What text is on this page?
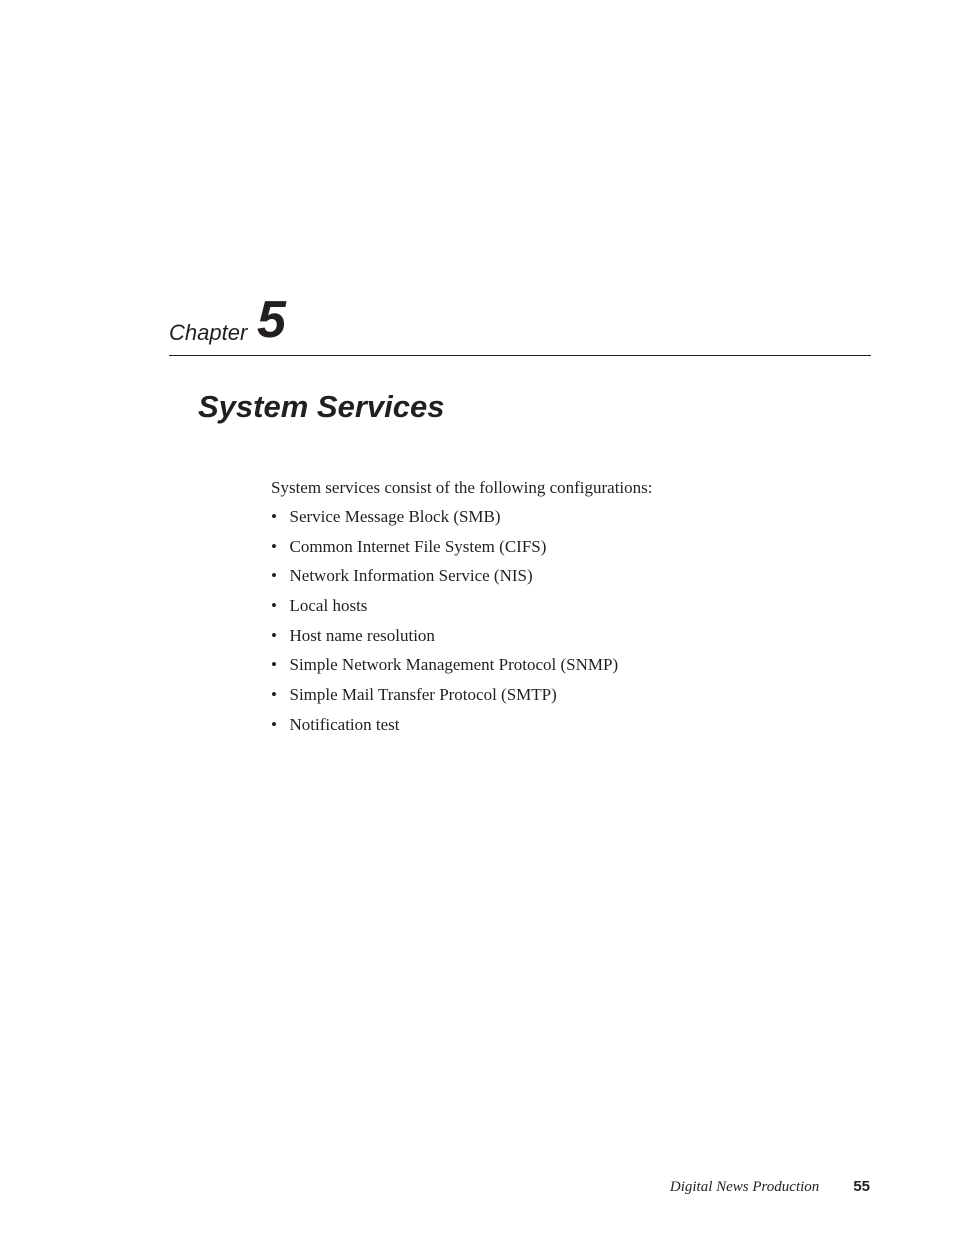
Chapter 5
System Services

System services consist of the following configurations:

• Service Message Block (SMB)
• Common Internet File System (CIFS)
• Network Information Service (NIS)
• Local hosts
• Host name resolution
• Simple Network Management Protocol (SNMP)
• Simple Mail Transfer Protocol (SMTP)
• Notification test
Digital News Production 55
